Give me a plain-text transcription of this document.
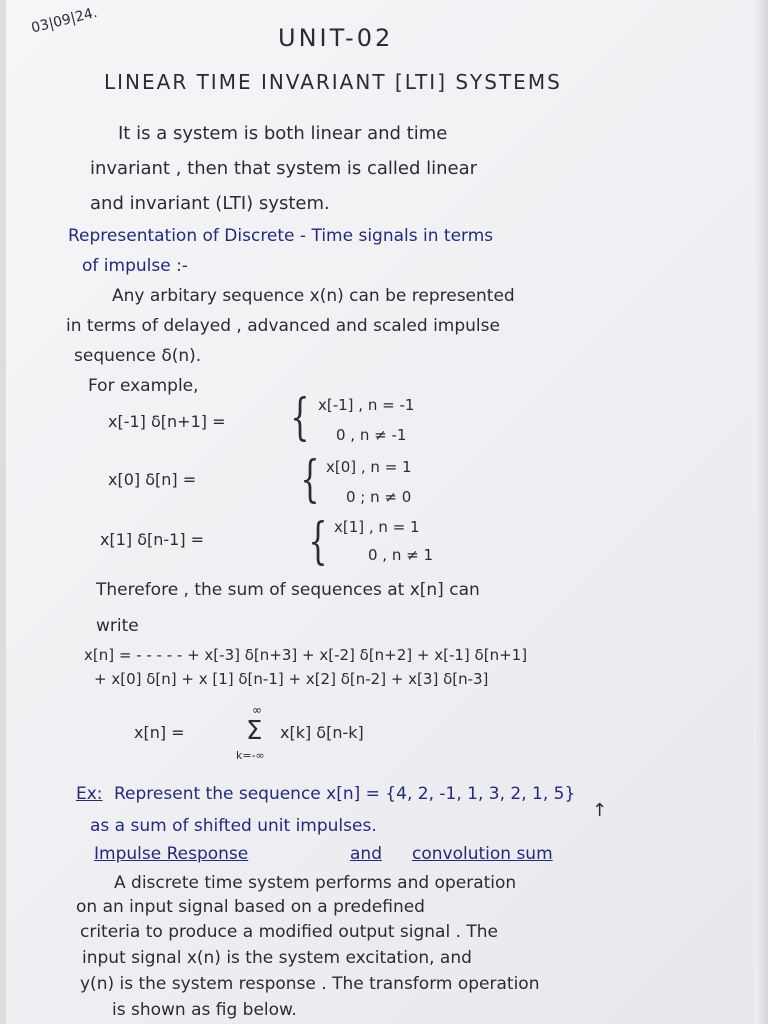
03|09|24.
UNIT-02
LINEAR TIME INVARIANT [LTI] SYSTEMS
It is a system is both linear and time
invariant , then that system is called linear
and invariant (LTI) system.
Representation of Discrete - Time signals in terms
of impulse :-
Any arbitary sequence x(n) can be represented
in terms of delayed , advanced and scaled impulse
sequence δ(n).
For example,
x[-1] δ[n+1] = { x[-1] , n = -1
0 , n ≠ -1
x[0] δ[n] = { x[0] , n = 1
0 ; n ≠ 0
x[1] δ[n-1] = { x[1] , n = 1
0 , n ≠ 1
Therefore , the sum of sequences at x[n] can
write
x[n] = - - - - - + x[-3] δ[n+3] + x[-2] δ[n+2] + x[-1] δ[n+1]
+ x[0] δ[n] + x [1] δ[n-1] + x[2] δ[n-2] + x[3] δ[n-3]
x[n] =
∞
Σ
k=-∞
x[k] δ[n-k]
Ex: Represent the sequence x[n] = {4, 2, -1, 1, 3, 2, 1, 5}
↑
as a sum of shifted unit impulses.
Impulse Response	and convolution sum
A discrete time system performs and operation
on an input signal based on a predefined
criteria to produce a modified output signal . The
input signal x(n) is the system excitation, and
y(n) is the system response . The transform operation
is shown as fig below.
